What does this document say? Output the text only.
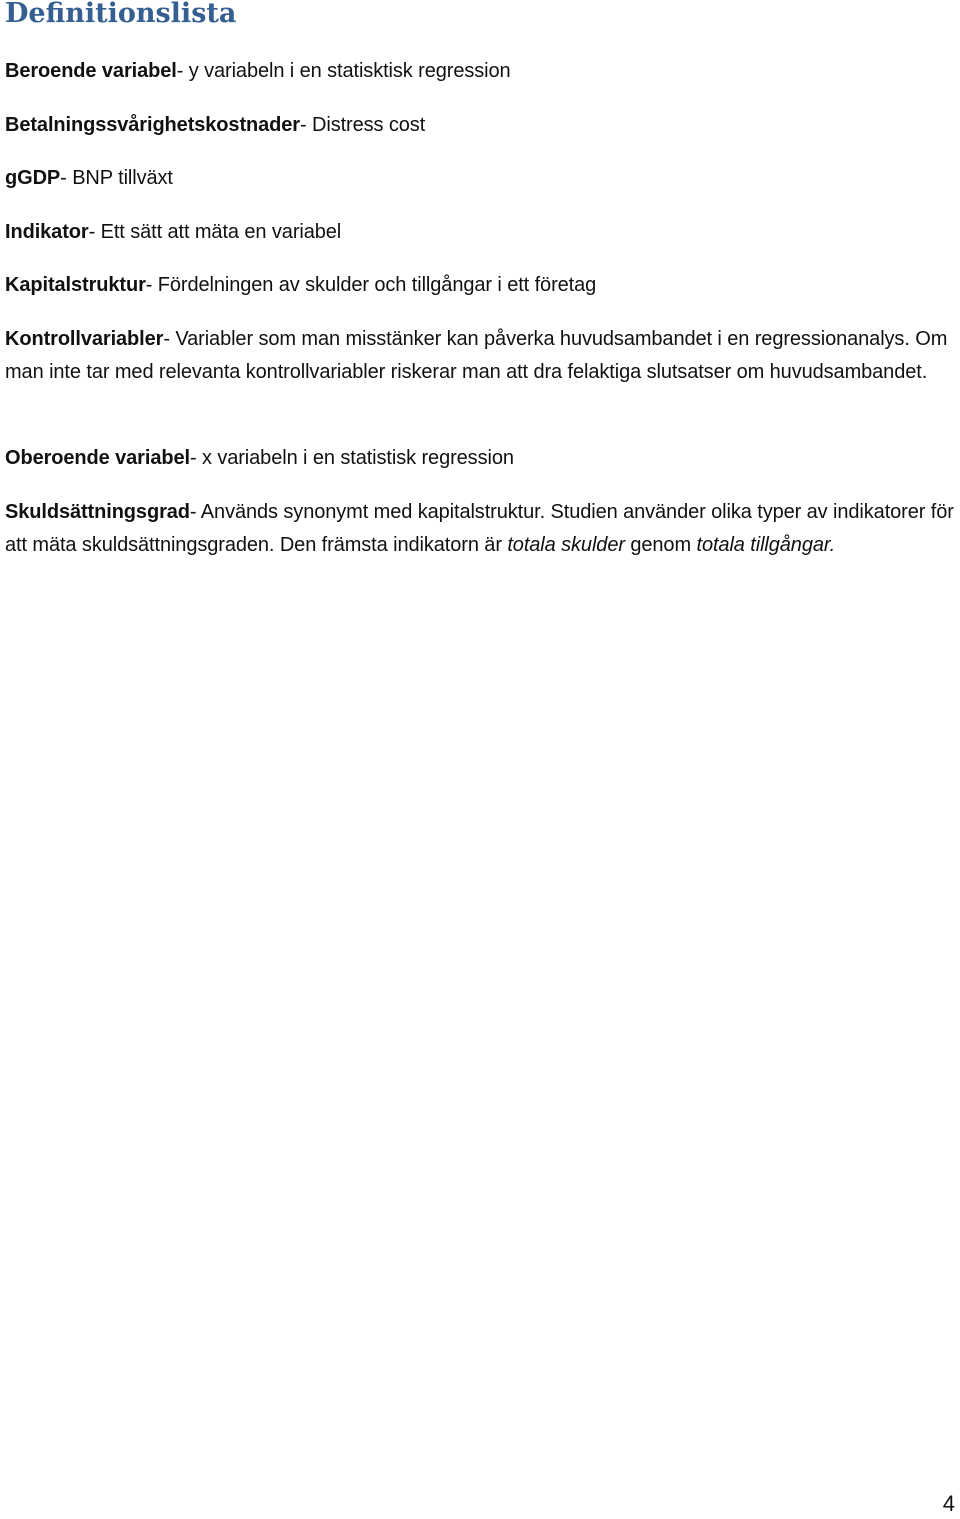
Definitionslista

Beroende variabel- y variabeln i en statisktisk regression

Betalningssvårighetskostnader- Distress cost

gGDP- BNP tillväxt

Indikator- Ett sätt att mäta en variabel

Kapitalstruktur- Fördelningen av skulder och tillgångar i ett företag

Kontrollvariabler- Variabler som man misstänker kan påverka huvudsambandet i en regressionanalys. Om man inte tar med relevanta kontrollvariabler riskerar man att dra felaktiga slutsatser om huvudsambandet.

Oberoende variabel- x variabeln i en statistisk regression

Skuldsättningsgrad- Används synonymt med kapitalstruktur. Studien använder olika typer av indikatorer för att mäta skuldsättningsgraden. Den främsta indikatorn är totala skulder genom totala tillgångar.

4
